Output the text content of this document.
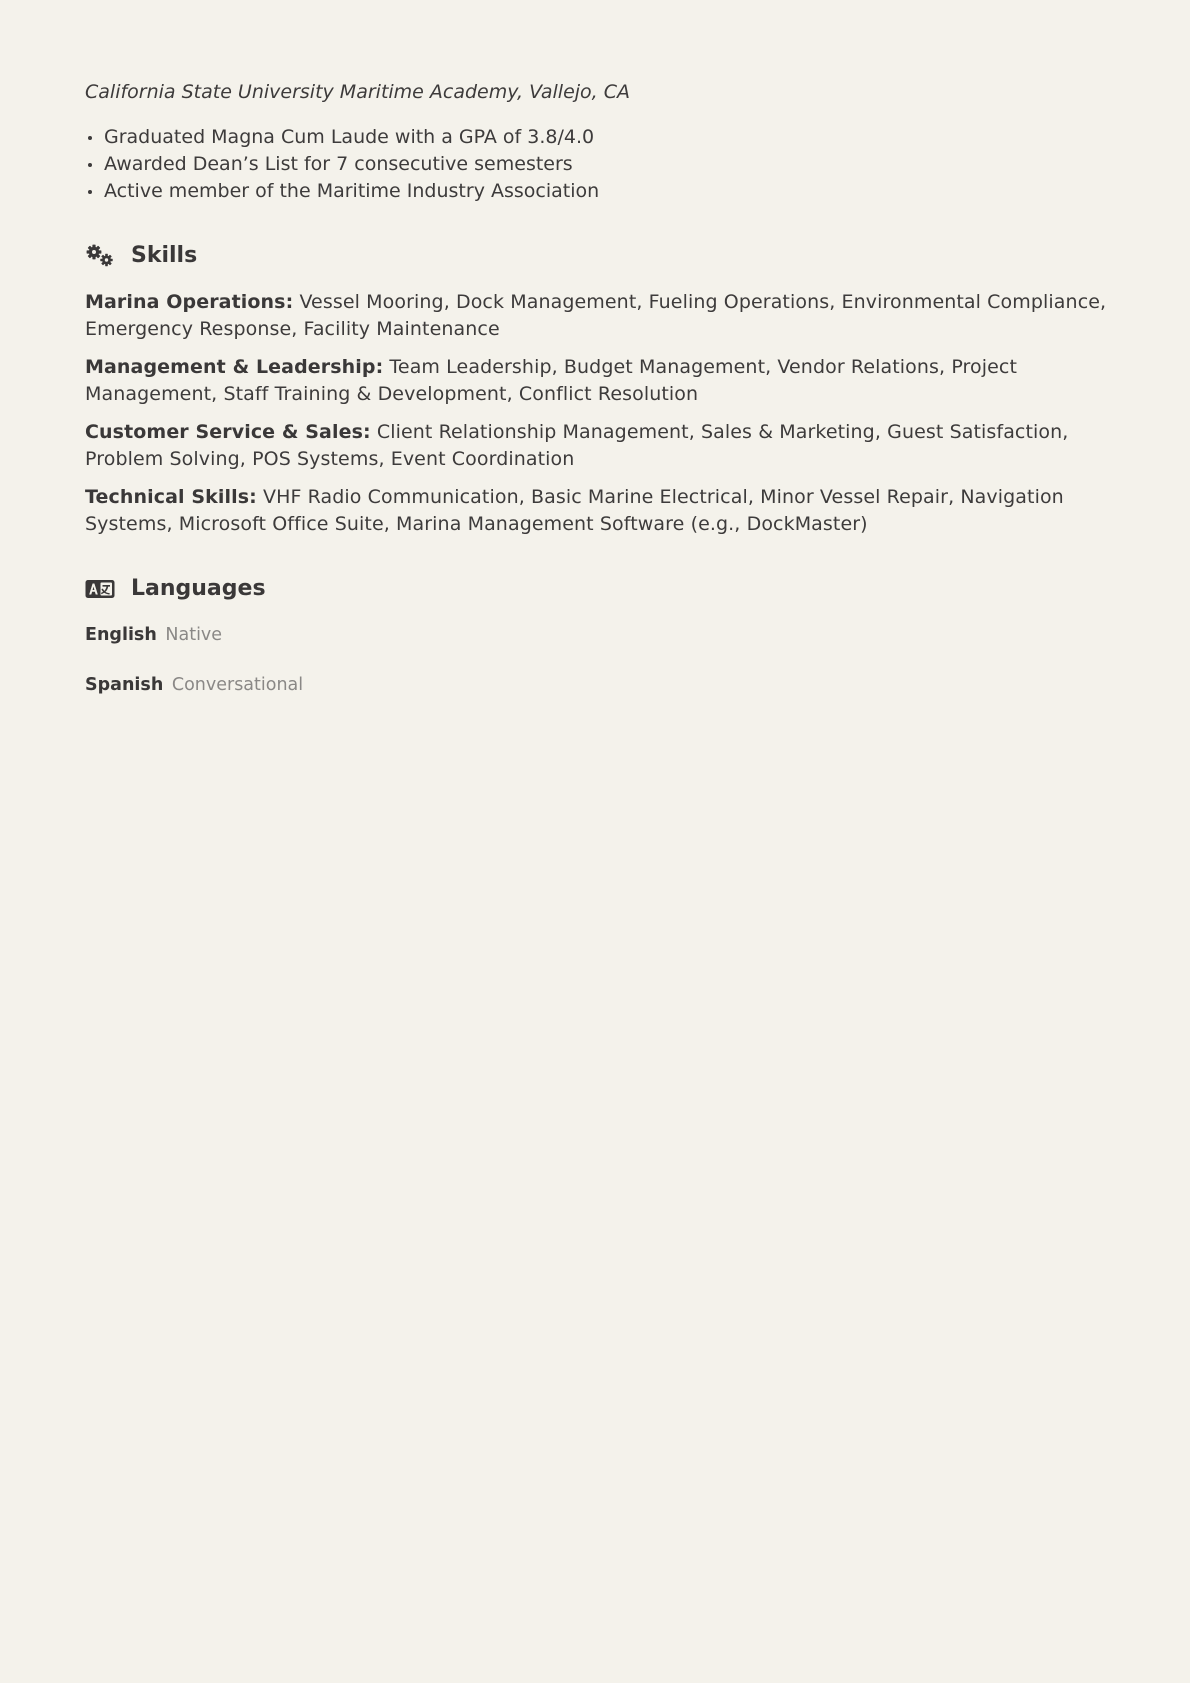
California State University Maritime Academy, Vallejo, CA

Graduated Magna Cum Laude with a GPA of 3.8/4.0
Awarded Dean’s List for 7 consecutive semesters
Active member of the Maritime Industry Association
Skills

Marina Operations: Vessel Mooring, Dock Management, Fueling Operations, Environmental Compliance, Emergency Response, Facility Maintenance

Management & Leadership: Team Leadership, Budget Management, Vendor Relations, Project Management, Staff Training & Development, Conflict Resolution

Customer Service & Sales: Client Relationship Management, Sales & Marketing, Guest Satisfaction, Problem Solving, POS Systems, Event Coordination

Technical Skills: VHF Radio Communication, Basic Marine Electrical, Minor Vessel Repair, Navigation Systems, Microsoft Office Suite, Marina Management Software (e.g., DockMaster)

Languages

English Native

Spanish Conversational
